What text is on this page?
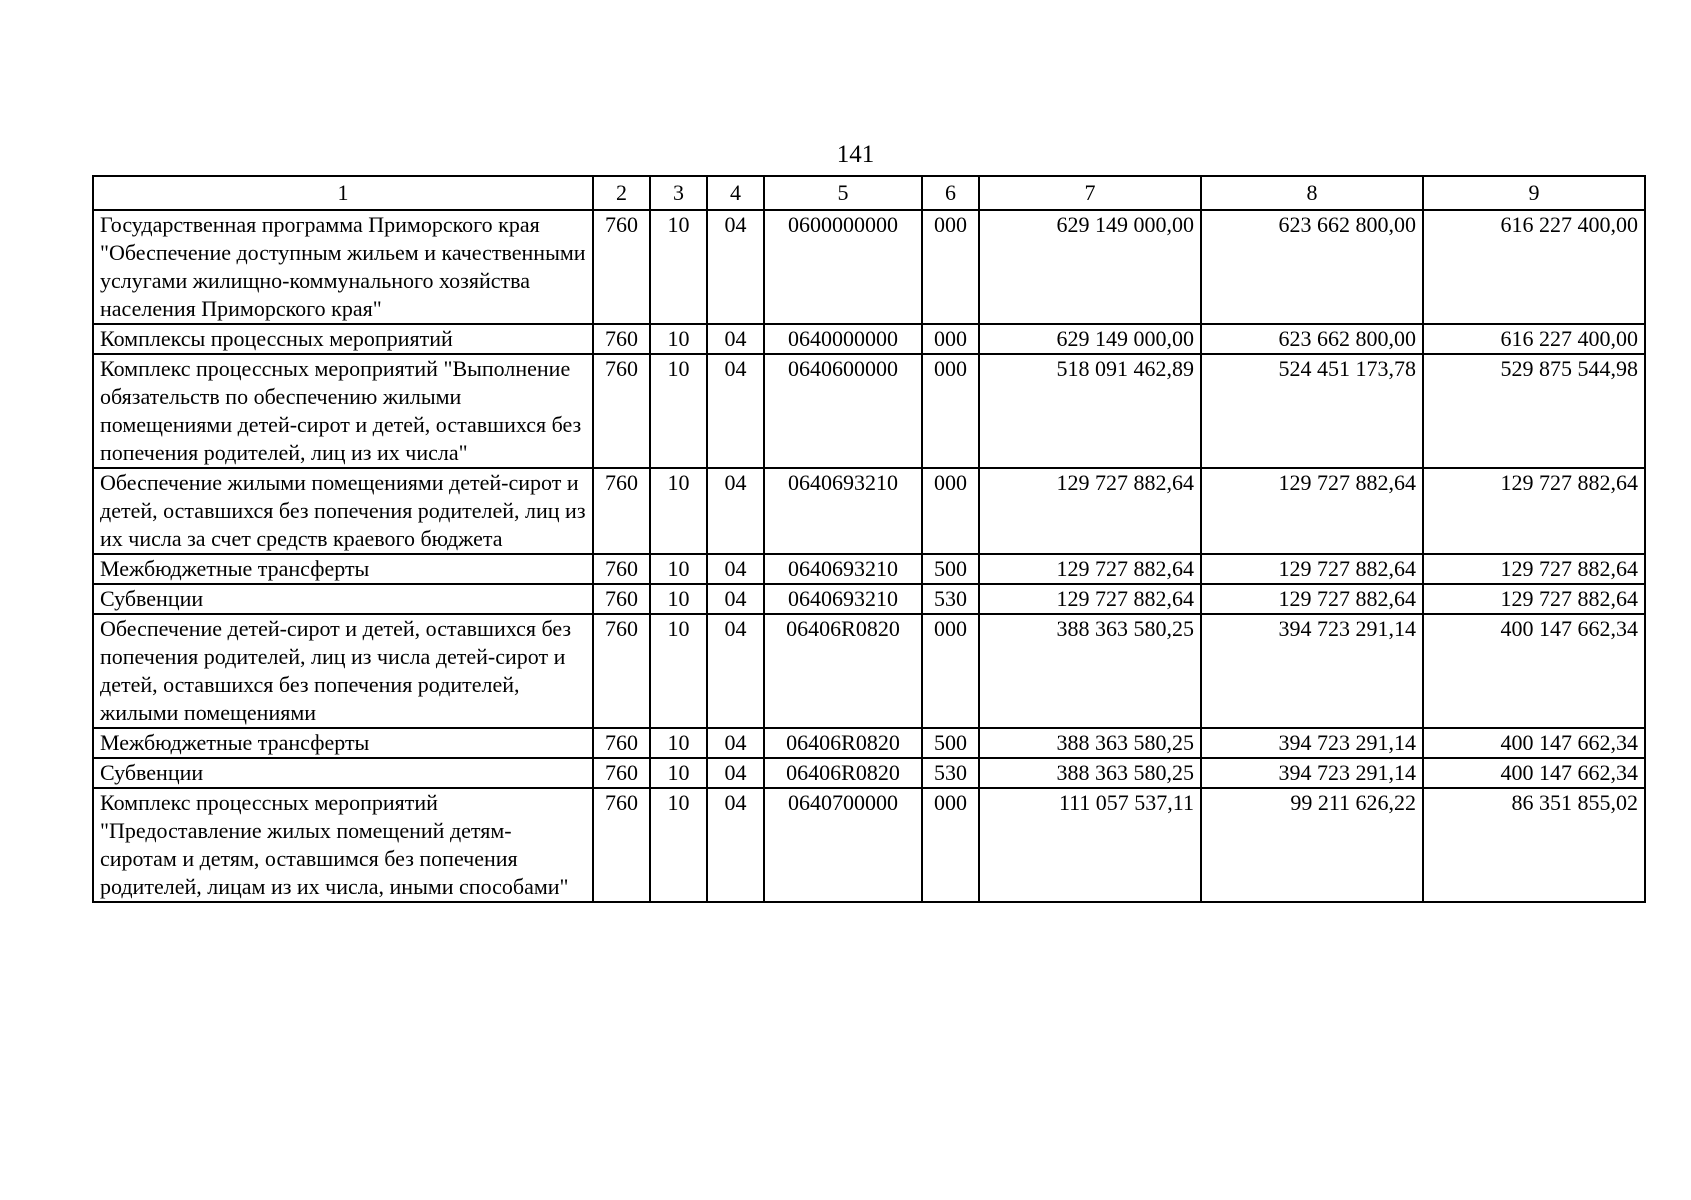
141
1	2	3	4	5	6	7	8	9
Государственная программа Приморского края "Обеспечение доступным жильем и качественными услугами жилищно-коммунального хозяйства населения Приморского края"	760	10	04	0600000000	000	629 149 000,00	623 662 800,00	616 227 400,00
Комплексы процессных мероприятий	760	10	04	0640000000	000	629 149 000,00	623 662 800,00	616 227 400,00
Комплекс процессных мероприятий "Выполнение обязательств по обеспечению жилыми помещениями детей-сирот и детей, оставшихся без попечения родителей, лиц из их числа"	760	10	04	0640600000	000	518 091 462,89	524 451 173,78	529 875 544,98
Обеспечение жилыми помещениями детей-сирот и детей, оставшихся без попечения родителей, лиц из их числа за счет средств краевого бюджета	760	10	04	0640693210	000	129 727 882,64	129 727 882,64	129 727 882,64
Межбюджетные трансферты	760	10	04	0640693210	500	129 727 882,64	129 727 882,64	129 727 882,64
Субвенции	760	10	04	0640693210	530	129 727 882,64	129 727 882,64	129 727 882,64
Обеспечение детей-сирот и детей, оставшихся без попечения родителей, лиц из числа детей-сирот и детей, оставшихся без попечения родителей, жилыми помещениями	760	10	04	06406R0820	000	388 363 580,25	394 723 291,14	400 147 662,34
Межбюджетные трансферты	760	10	04	06406R0820	500	388 363 580,25	394 723 291,14	400 147 662,34
Субвенции	760	10	04	06406R0820	530	388 363 580,25	394 723 291,14	400 147 662,34
Комплекс процессных мероприятий "Предоставление жилых помещений детям-сиротам и детям, оставшимся без попечения родителей, лицам из их числа, иными способами"	760	10	04	0640700000	000	111 057 537,11	99 211 626,22	86 351 855,02
